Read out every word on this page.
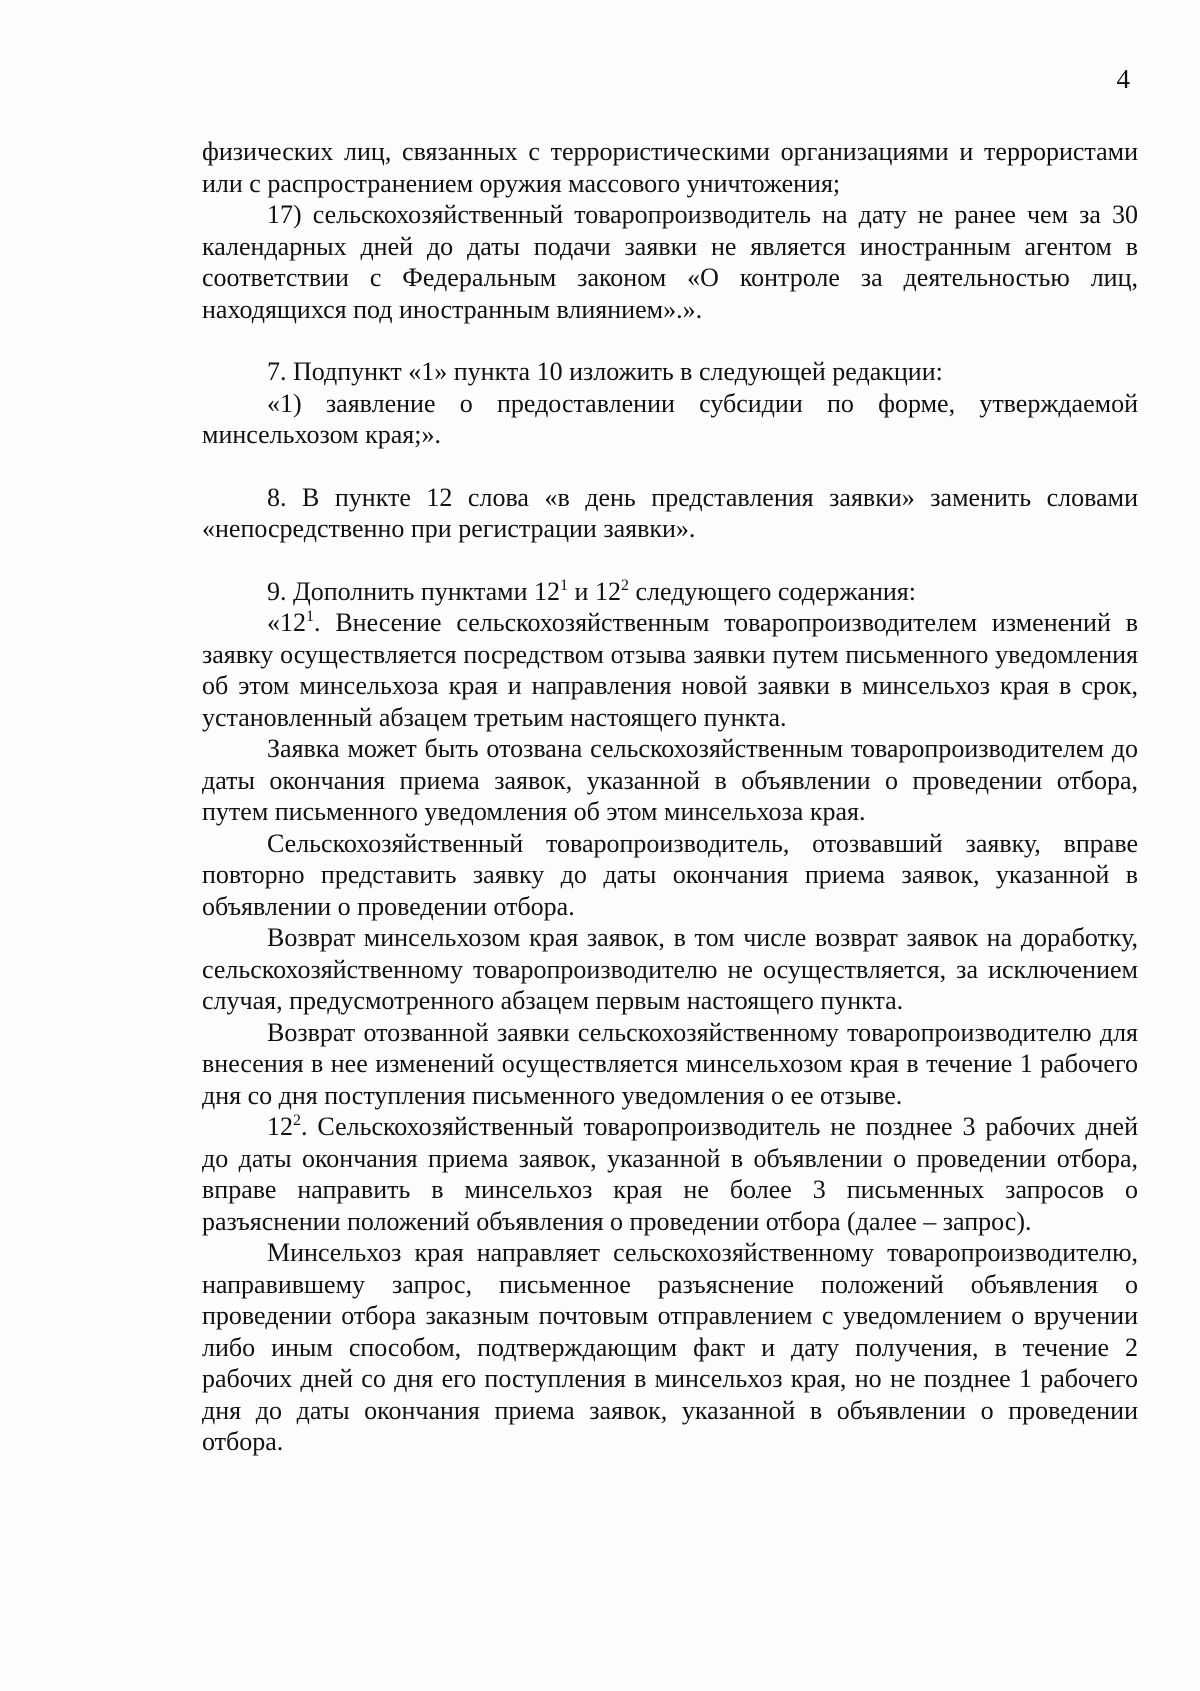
4

физических лиц, связанных с террористическими организациями и террористами или с распространением оружия массового уничтожения;

17) сельскохозяйственный товаропроизводитель на дату не ранее чем за 30 календарных дней до даты подачи заявки не является иностранным агентом в соответствии с Федеральным законом «О контроле за деятельностью лиц, находящихся под иностранным влиянием».».

7. Подпункт «1» пункта 10 изложить в следующей редакции:

«1) заявление о предоставлении субсидии по форме, утверждаемой минсельхозом края;».

8. В пункте 12 слова «в день представления заявки» заменить словами «непосредственно при регистрации заявки».

9. Дополнить пунктами $12^1$ и $12^2$ следующего содержания:

«$12^1$. Внесение сельскохозяйственным товаропроизводителем изменений в заявку осуществляется посредством отзыва заявки путем письменного уведомления об этом минсельхоза края и направления новой заявки в минсельхоз края в срок, установленный абзацем третьим настоящего пункта.

Заявка может быть отозвана сельскохозяйственным товаропроизводителем до даты окончания приема заявок, указанной в объявлении о проведении отбора, путем письменного уведомления об этом минсельхоза края.

Сельскохозяйственный товаропроизводитель, отозвавший заявку, вправе повторно представить заявку до даты окончания приема заявок, указанной в объявлении о проведении отбора.

Возврат минсельхозом края заявок, в том числе возврат заявок на доработку, сельскохозяйственному товаропроизводителю не осуществляется, за исключением случая, предусмотренного абзацем первым настоящего пункта.

Возврат отозванной заявки сельскохозяйственному товаропроизводителю для внесения в нее изменений осуществляется минсельхозом края в течение 1 рабочего дня со дня поступления письменного уведомления о ее отзыве.

$12^2$. Сельскохозяйственный товаропроизводитель не позднее 3 рабочих дней до даты окончания приема заявок, указанной в объявлении о проведении отбора, вправе направить в минсельхоз края не более 3 письменных запросов о разъяснении положений объявления о проведении отбора (далее – запрос).

Минсельхоз края направляет сельскохозяйственному товаропроизводителю, направившему запрос, письменное разъяснение положений объявления о проведении отбора заказным почтовым отправлением с уведомлением о вручении либо иным способом, подтверждающим факт и дату получения, в течение 2 рабочих дней со дня его поступления в минсельхоз края, но не позднее 1 рабочего дня до даты окончания приема заявок, указанной в объявлении о проведении отбора.
